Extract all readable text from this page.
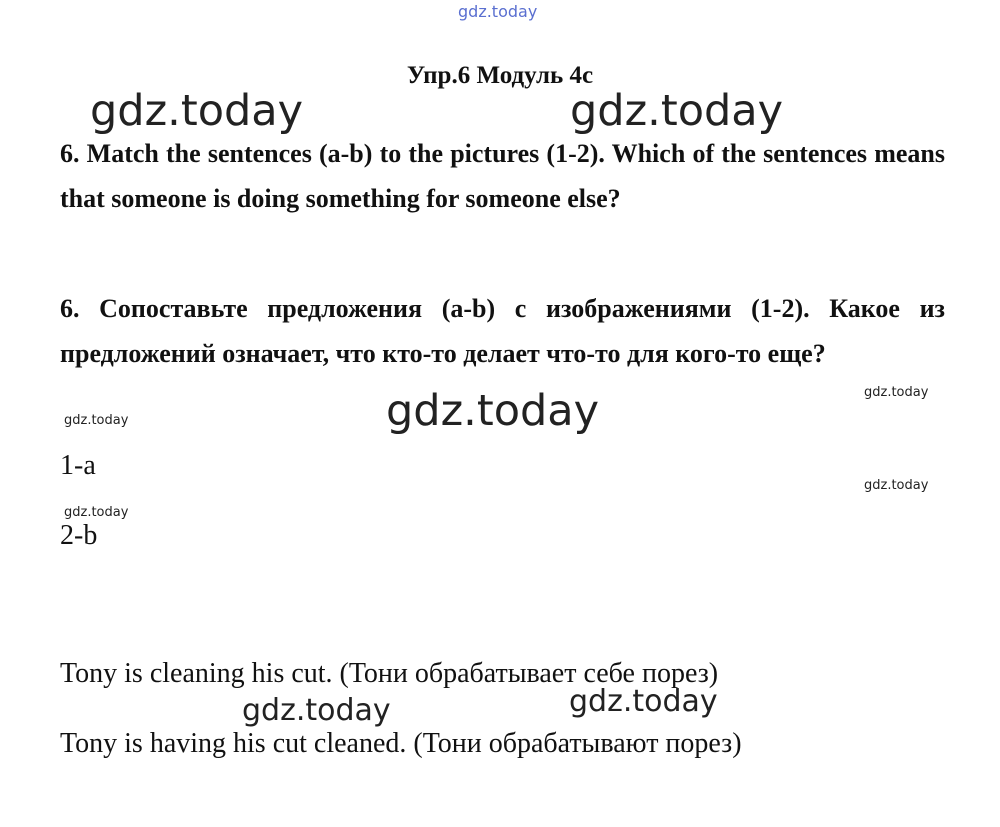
gdz.today
gdz.today	gdz.today
gdz.today	gdz.today
gdz.today
gdz.today
gdz.today
gdz.today	gdz.today
Упр.6 Модуль 4c
6. Match the sentences (a-b) to the pictures (1-2). Which of the sentences means that someone is doing something for someone else?
6. Сопоставьте предложения (a-b) с изображениями (1-2). Какое из предложений означает, что кто-то делает что-то для кого-то еще?
1-a
2-b
Tony is cleaning his cut. (Тони обрабатывает себе порез)
Tony is having his cut cleaned. (Тони обрабатывают порез)
